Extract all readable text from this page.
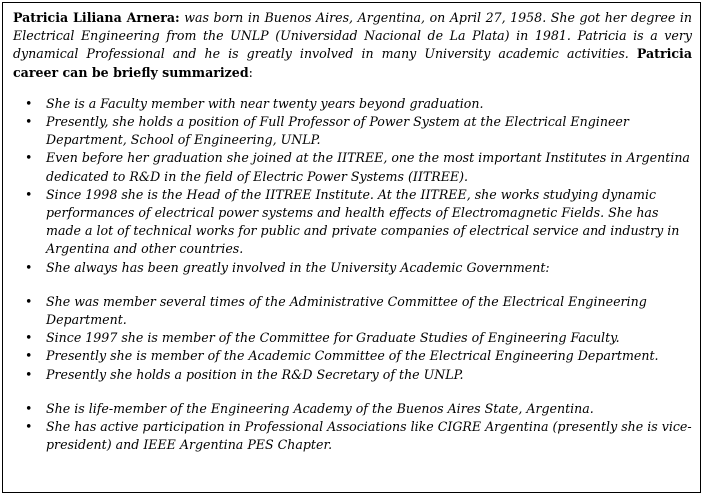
Patricia Liliana Arnera: was born in Buenos Aires, Argentina, on April 27, 1958. She got her degree in Electrical Engineering from the UNLP (Universidad Nacional de La Plata) in 1981. Patricia is a very dynamical Professional and he is greatly involved in many University academic activities. Patricia career can be briefly summarized:

• She is a Faculty member with near twenty years beyond graduation.
• Presently, she holds a position of Full Professor of Power System at the Electrical Engineer Department, School of Engineering, UNLP.
• Even before her graduation she joined at the IITREE, one the most important Institutes in Argentina dedicated to R&D in the field of Electric Power Systems (IITREE).
• Since 1998 she is the Head of the IITREE Institute. At the IITREE, she works studying dynamic performances of electrical power systems and health effects of Electromagnetic Fields. She has made a lot of technical works for public and private companies of electrical service and industry in Argentina and other countries.
• She always has been greatly involved in the University Academic Government:
• She was member several times of the Administrative Committee of the Electrical Engineering Department.
• Since 1997 she is member of the Committee for Graduate Studies of Engineering Faculty.
• Presently she is member of the Academic Committee of the Electrical Engineering Department.
• Presently she holds a position in the R&D Secretary of the UNLP.
• She is life-member of the Engineering Academy of the Buenos Aires State, Argentina.
• She has active participation in Professional Associations like CIGRE Argentina (presently she is vice-president) and IEEE Argentina PES Chapter.
